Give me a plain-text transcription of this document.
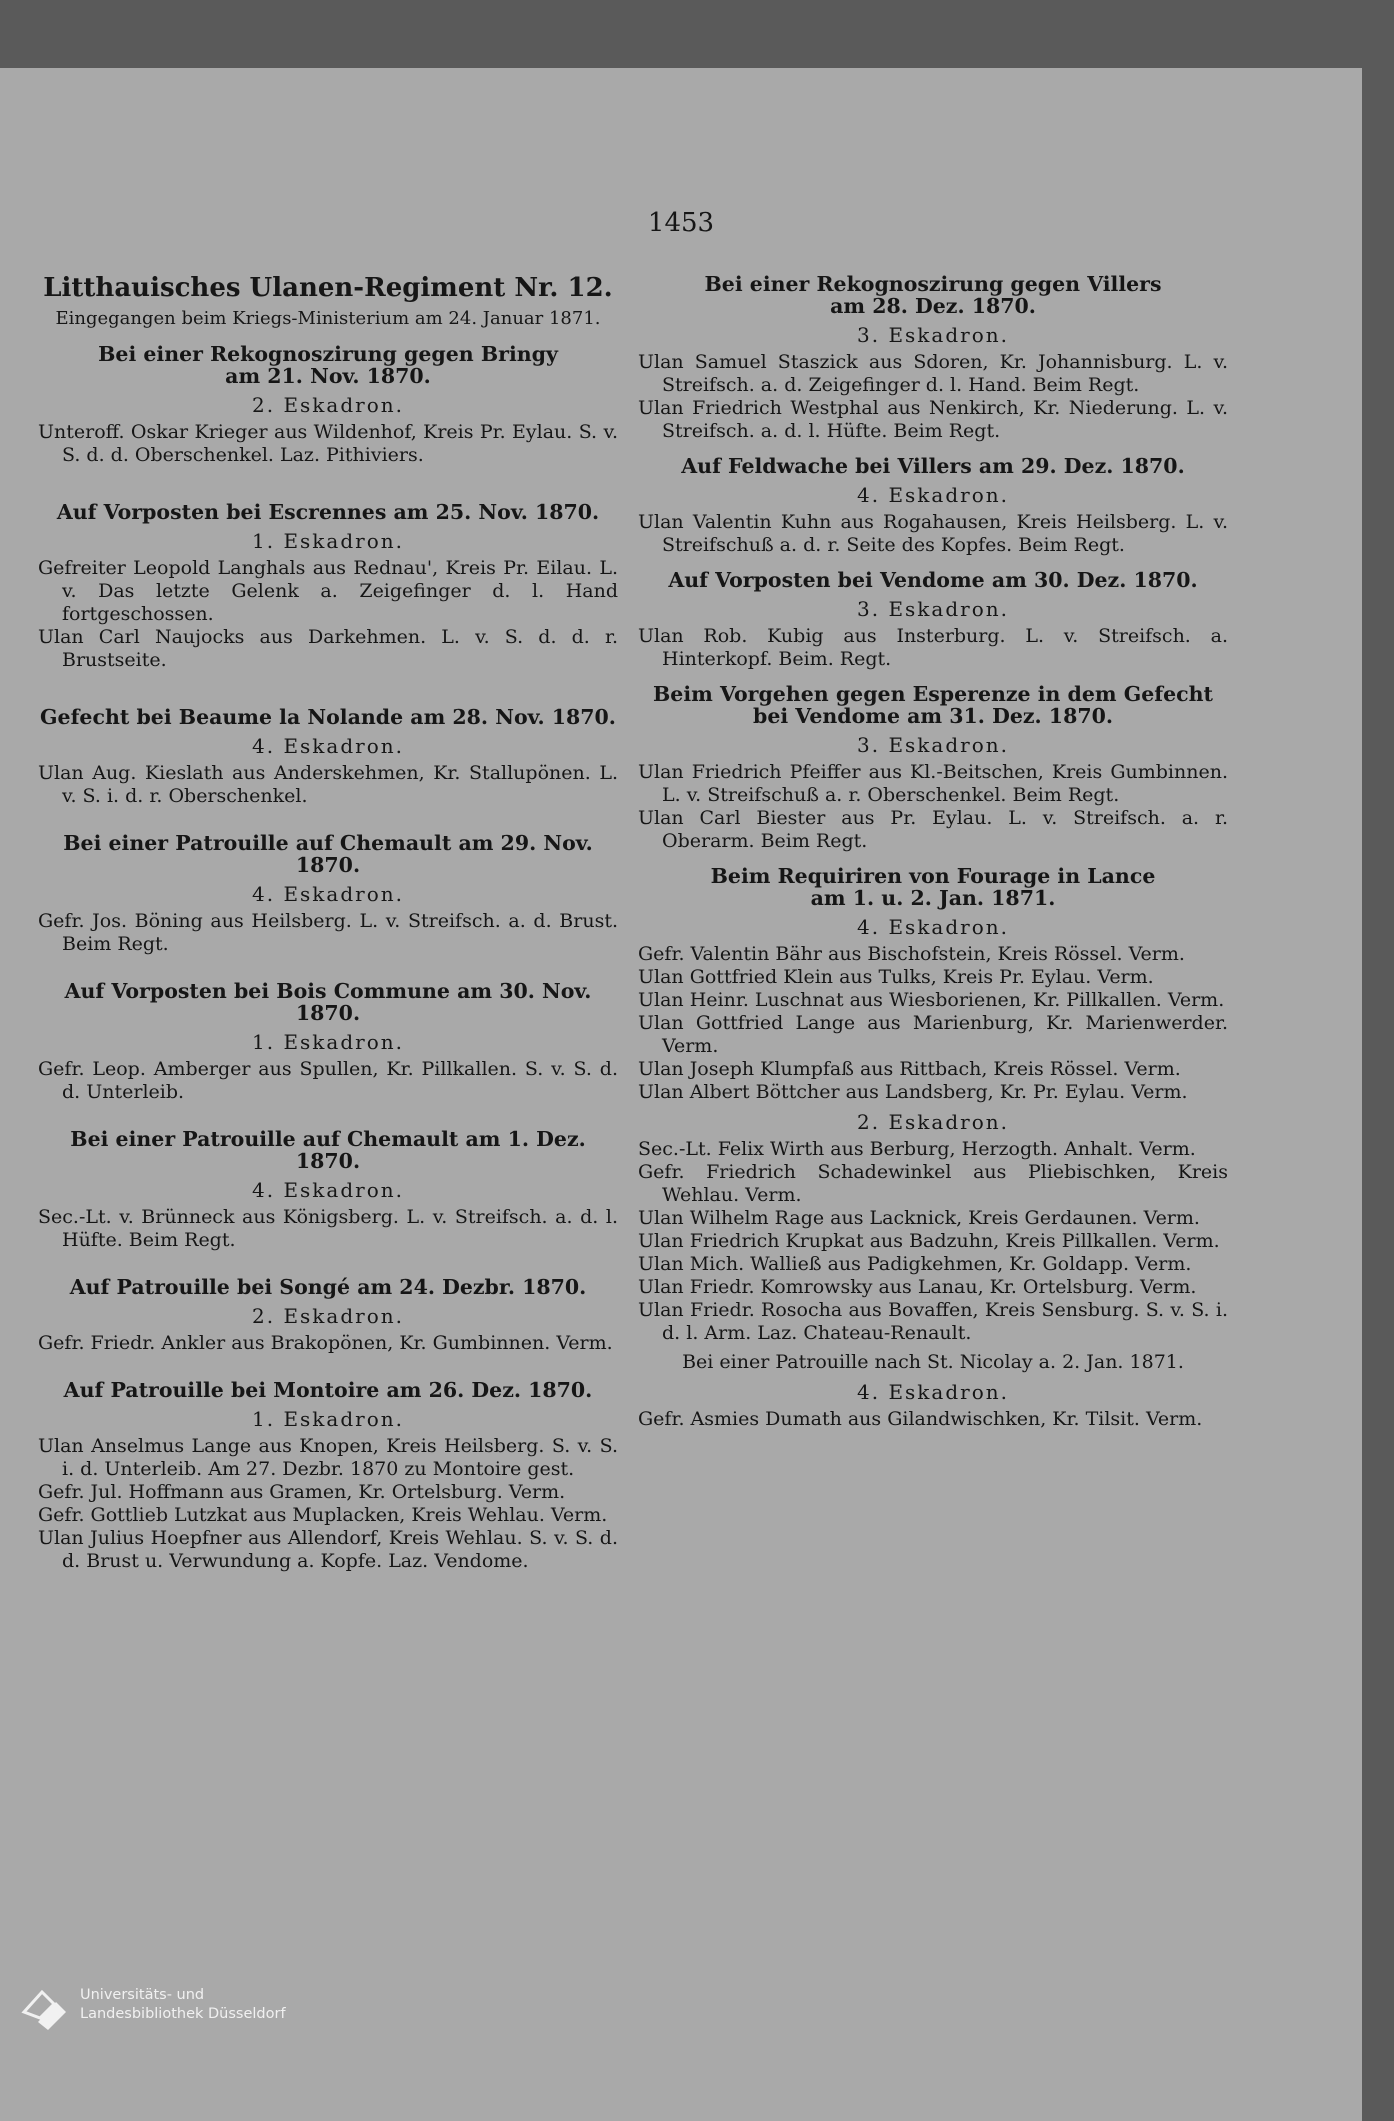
1453

Litthauisches Ulanen-Regiment Nr. 12.

Eingegangen beim Kriegs-Ministerium am 24. Januar 1871.

Bei einer Rekognoszirung gegen Bringy

am 21. Nov. 1870.

2. Eskadron.

Unteroff. Oskar Krieger aus Wildenhof, Kreis Pr. Eylau. S. v. S. d. d. Oberschenkel. Laz. Pithiviers.

Auf Vorposten bei Escrennes am 25. Nov. 1870.

1. Eskadron.

Gefreiter Leopold Langhals aus Rednau', Kreis Pr. Eilau. L. v. Das letzte Gelenk a. Zeigefinger d. l. Hand fortgeschossen.

Ulan Carl Naujocks aus Darkehmen. L. v. S. d. d. r. Brustseite.

Gefecht bei Beaume la Nolande am 28. Nov. 1870.

4. Eskadron.

Ulan Aug. Kieslath aus Anderskehmen, Kr. Stallupönen. L. v. S. i. d. r. Oberschenkel.

Bei einer Patrouille auf Chemault am 29. Nov.

1870.

4. Eskadron.

Gefr. Jos. Böning aus Heilsberg. L. v. Streifsch. a. d. Brust. Beim Regt.

Auf Vorposten bei Bois Commune am 30. Nov.

1870.

1. Eskadron.

Gefr. Leop. Amberger aus Spullen, Kr. Pillkallen. S. v. S. d. d. Unterleib.

Bei einer Patrouille auf Chemault am 1. Dez.

1870.

4. Eskadron.

Sec.-Lt. v. Brünneck aus Königsberg. L. v. Streifsch. a. d. l. Hüfte. Beim Regt.

Auf Patrouille bei Songé am 24. Dezbr. 1870.

2. Eskadron.

Gefr. Friedr. Ankler aus Brakopönen, Kr. Gumbinnen. Verm.

Auf Patrouille bei Montoire am 26. Dez. 1870.

1. Eskadron.

Ulan Anselmus Lange aus Knopen, Kreis Heilsberg. S. v. S. i. d. Unterleib. Am 27. Dezbr. 1870 zu Montoire gest.

Gefr. Jul. Hoffmann aus Gramen, Kr. Ortelsburg. Verm.

Gefr. Gottlieb Lutzkat aus Muplacken, Kreis Wehlau. Verm.

Ulan Julius Hoepfner aus Allendorf, Kreis Wehlau. S. v. S. d. d. Brust u. Verwundung a. Kopfe. Laz. Vendome.

Bei einer Rekognoszirung gegen Villers

am 28. Dez. 1870.

3. Eskadron.

Ulan Samuel Staszick aus Sdoren, Kr. Johannisburg. L. v. Streifsch. a. d. Zeigefinger d. l. Hand. Beim Regt.

Ulan Friedrich Westphal aus Nenkirch, Kr. Niederung. L. v. Streifsch. a. d. l. Hüfte. Beim Regt.

Auf Feldwache bei Villers am 29. Dez. 1870.

4. Eskadron.

Ulan Valentin Kuhn aus Rogahausen, Kreis Heilsberg. L. v. Streifschuß a. d. r. Seite des Kopfes. Beim Regt.

Auf Vorposten bei Vendome am 30. Dez. 1870.

3. Eskadron.

Ulan Rob. Kubig aus Insterburg. L. v. Streifsch. a. Hinterkopf. Beim. Regt.

Beim Vorgehen gegen Esperenze in dem Gefecht

bei Vendome am 31. Dez. 1870.

3. Eskadron.

Ulan Friedrich Pfeiffer aus Kl.-Beitschen, Kreis Gumbinnen. L. v. Streifschuß a. r. Oberschenkel. Beim Regt.

Ulan Carl Biester aus Pr. Eylau. L. v. Streifsch. a. r. Oberarm. Beim Regt.

Beim Requiriren von Fourage in Lance

am 1. u. 2. Jan. 1871.

4. Eskadron.

Gefr. Valentin Bähr aus Bischofstein, Kreis Rössel. Verm.

Ulan Gottfried Klein aus Tulks, Kreis Pr. Eylau. Verm.

Ulan Heinr. Luschnat aus Wiesborienen, Kr. Pillkallen. Verm.

Ulan Gottfried Lange aus Marienburg, Kr. Marienwerder. Verm.

Ulan Joseph Klumpfaß aus Rittbach, Kreis Rössel. Verm.

Ulan Albert Böttcher aus Landsberg, Kr. Pr. Eylau. Verm.

2. Eskadron.

Sec.-Lt. Felix Wirth aus Berburg, Herzogth. Anhalt. Verm.

Gefr. Friedrich Schadewinkel aus Pliebischken, Kreis Wehlau. Verm.

Ulan Wilhelm Rage aus Lacknick, Kreis Gerdaunen. Verm.

Ulan Friedrich Krupkat aus Badzuhn, Kreis Pillkallen. Verm.

Ulan Mich. Walließ aus Padigkehmen, Kr. Goldapp. Verm.

Ulan Friedr. Komrowsky aus Lanau, Kr. Ortelsburg. Verm.

Ulan Friedr. Rosocha aus Bovaffen, Kreis Sensburg. S. v. S. i. d. l. Arm. Laz. Chateau-Renault.

Bei einer Patrouille nach St. Nicolay a. 2. Jan. 1871.

4. Eskadron.

Gefr. Asmies Dumath aus Gilandwischken, Kr. Tilsit. Verm.

Universitäts- und
Landesbibliothek Düsseldorf
